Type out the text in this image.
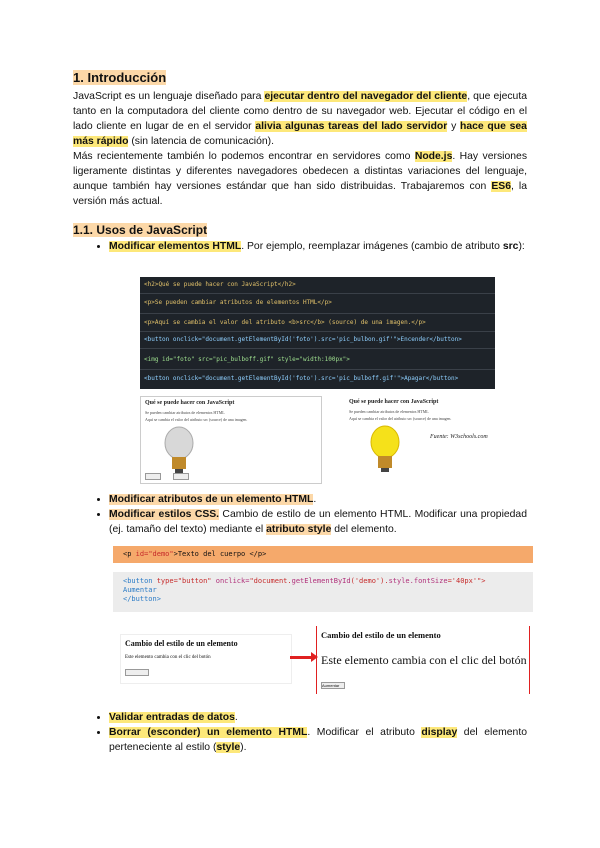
1. Introducción

JavaScript es un lenguaje diseñado para ejecutar dentro del navegador del cliente, que ejecuta tanto en la computadora del cliente como dentro de su navegador web. Ejecutar el código en el lado cliente en lugar de en el servidor alivia algunas tareas del lado servidor y hace que sea más rápido (sin latencia de comunicación).

Más recientemente también lo podemos encontrar en servidores como Node.js. Hay versiones ligeramente distintas y diferentes navegadores obedecen a distintas variaciones del lenguaje, aunque también hay versiones estándar que han sido distribuidas. Trabajaremos con ES6, la versión más actual.

1.1. Usos de JavaScript
• Modificar elementos HTML. Por ejemplo, reemplazar imágenes (cambio de atributo src):
<h2>Qué se puede hacer con JavaScript</h2>
<p>Se pueden cambiar atributos de elementos HTML</p>
<p>Aquí se cambia el valor del atributo <b>src</b> (source) de una imagen.</p>
<button onclick="document.getElementById('foto').src='pic_bulbon.gif'">Encender</button>
<img id="foto" src="pic_bulboff.gif" style="width:100px">
<button onclick="document.getElementById('foto').src='pic_bulboff.gif'">Apagar</button>
Qué se puede hacer con JavaScript
Se pueden cambiar atributos de elementos HTML
Aquí se cambia el valor del atributo src (source) de una imagen.
Qué se puede hacer con JavaScript
Se pueden cambiar atributos de elementos HTML
Aquí se cambia el valor del atributo src (source) de una imagen.
Fuente: W3schools.com
• Modificar atributos de un elemento HTML.
• Modificar estilos CSS. Cambio de estilo de un elemento HTML. Modificar una propiedad (ej. tamaño del texto) mediante el atributo style del elemento.
<p id="demo">Texto del cuerpo </p>
<button type="button" onclick="document.getElementById('demo').style.fontSize='40px'">
Aumentar
</button>
Cambio del estilo de un elemento
Este elemento cambia con el clic del botón
Cambio del estilo de un elemento
Este elemento cambia con el clic del botón
Aumentar
• Validar entradas de datos.
• Borrar (esconder) un elemento HTML. Modificar el atributo display del elemento perteneciente al estilo (style).
